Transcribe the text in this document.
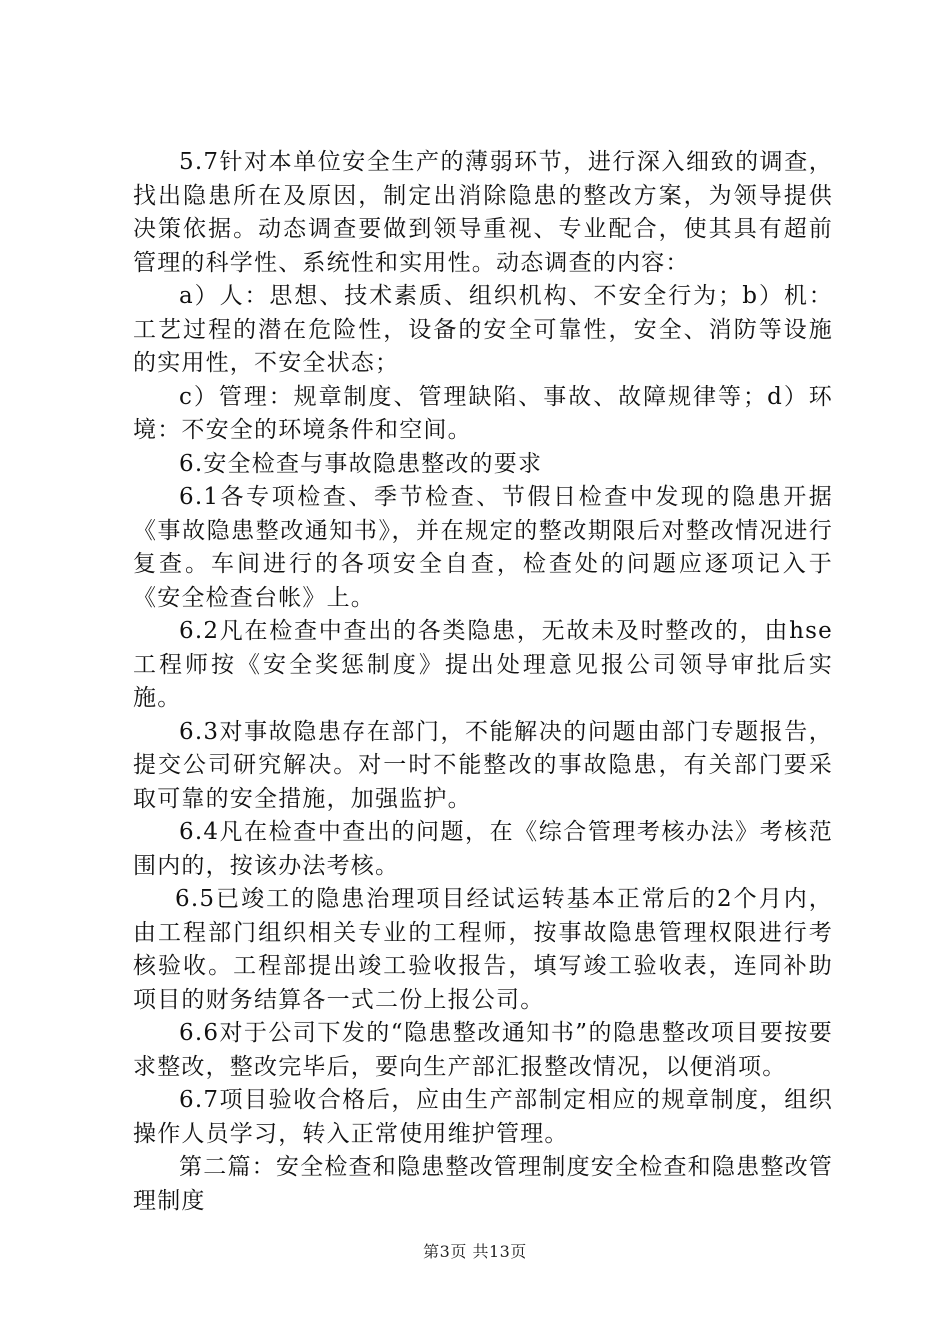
5.7针对本单位安全生产的薄弱环节，进行深入细致的调查，找出隐患所在及原因，制定出消除隐患的整改方案，为领导提供决策依据。动态调查要做到领导重视、专业配合，使其具有超前管理的科学性、系统性和实用性。动态调查的内容：

a）人：思想、技术素质、组织机构、不安全行为；b）机：工艺过程的潜在危险性，设备的安全可靠性，安全、消防等设施的实用性，不安全状态；

c）管理：规章制度、管理缺陷、事故、故障规律等；d）环境：不安全的环境条件和空间。

6.安全检查与事故隐患整改的要求

6.1各专项检查、季节检查、节假日检查中发现的隐患开据《事故隐患整改通知书》，并在规定的整改期限后对整改情况进行复查。车间进行的各项安全自查，检查处的问题应逐项记入于《安全检查台帐》上。

6.2凡在检查中查出的各类隐患，无故未及时整改的，由hse工程师按《安全奖惩制度》提出处理意见报公司领导审批后实施。

6.3对事故隐患存在部门，不能解决的问题由部门专题报告，提交公司研究解决。对一时不能整改的事故隐患，有关部门要采取可靠的安全措施，加强监护。

6.4凡在检查中查出的问题，在《综合管理考核办法》考核范围内的，按该办法考核。

6.5已竣工的隐患治理项目经试运转基本正常后的2个月内，由工程部门组织相关专业的工程师，按事故隐患管理权限进行考核验收。工程部提出竣工验收报告，填写竣工验收表，连同补助项目的财务结算各一式二份上报公司。

6.6对于公司下发的“隐患整改通知书”的隐患整改项目要按要求整改，整改完毕后，要向生产部汇报整改情况，以便消项。

6.7项目验收合格后，应由生产部制定相应的规章制度，组织操作人员学习，转入正常使用维护管理。

第二篇：安全检查和隐患整改管理制度安全检查和隐患整改管理制度

第3页 共13页
